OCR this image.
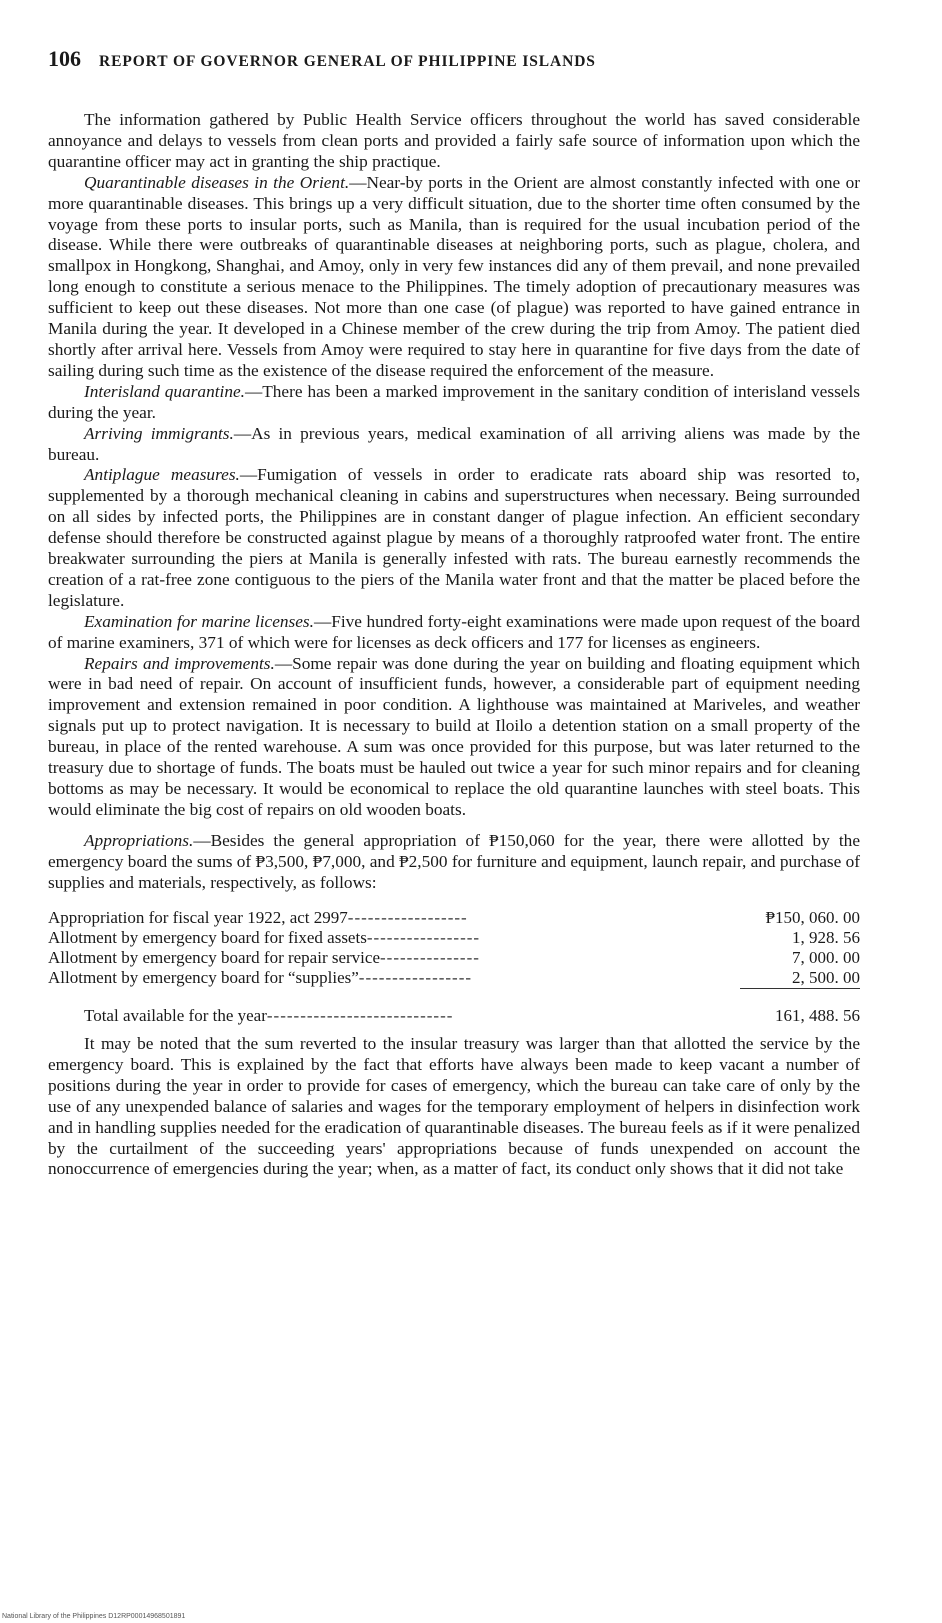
106 REPORT OF GOVERNOR GENERAL OF PHILIPPINE ISLANDS

The information gathered by Public Health Service officers throughout the world has saved considerable annoyance and delays to vessels from clean ports and provided a fairly safe source of information upon which the quarantine officer may act in granting the ship practique.

Quarantinable diseases in the Orient.—Near-by ports in the Orient are almost constantly infected with one or more quarantinable diseases. This brings up a very difficult situation, due to the shorter time often consumed by the voyage from these ports to insular ports, such as Manila, than is required for the usual incubation period of the disease. While there were outbreaks of quarantinable diseases at neighboring ports, such as plague, cholera, and smallpox in Hongkong, Shanghai, and Amoy, only in very few instances did any of them prevail, and none prevailed long enough to constitute a serious menace to the Philippines. The timely adoption of precautionary measures was sufficient to keep out these diseases. Not more than one case (of plague) was reported to have gained entrance in Manila during the year. It developed in a Chinese member of the crew during the trip from Amoy. The patient died shortly after arrival here. Vessels from Amoy were required to stay here in quarantine for five days from the date of sailing during such time as the existence of the disease required the enforcement of the measure.

Interisland quarantine.—There has been a marked improvement in the sanitary condition of interisland vessels during the year.

Arriving immigrants.—As in previous years, medical examination of all arriving aliens was made by the bureau.

Antiplague measures.—Fumigation of vessels in order to eradicate rats aboard ship was resorted to, supplemented by a thorough mechanical cleaning in cabins and superstructures when necessary. Being surrounded on all sides by infected ports, the Philippines are in constant danger of plague infection. An efficient secondary defense should therefore be constructed against plague by means of a thoroughly ratproofed water front. The entire breakwater surrounding the piers at Manila is generally infested with rats. The bureau earnestly recommends the creation of a rat-free zone contiguous to the piers of the Manila water front and that the matter be placed before the legislature.

Examination for marine licenses.—Five hundred forty-eight examinations were made upon request of the board of marine examiners, 371 of which were for licenses as deck officers and 177 for licenses as engineers.

Repairs and improvements.—Some repair was done during the year on building and floating equipment which were in bad need of repair. On account of insufficient funds, however, a considerable part of equipment needing improvement and extension remained in poor condition. A lighthouse was maintained at Mariveles, and weather signals put up to protect navigation. It is necessary to build at Iloilo a detention station on a small property of the bureau, in place of the rented warehouse. A sum was once provided for this purpose, but was later returned to the treasury due to shortage of funds. The boats must be hauled out twice a year for such minor repairs and for cleaning bottoms as may be necessary. It would be economical to replace the old quarantine launches with steel boats. This would eliminate the big cost of repairs on old wooden boats.

Appropriations.—Besides the general appropriation of ₱150,060 for the year, there were allotted by the emergency board the sums of ₱3,500, ₱7,000, and ₱2,500 for furniture and equipment, launch repair, and purchase of supplies and materials, respectively, as follows:

Appropriation for fiscal year 1922, act 2997------------------	₱150, 060. 00
Allotment by emergency board for fixed assets-----------------	1, 928. 56
Allotment by emergency board for repair service---------------	7, 000. 00
Allotment by emergency board for “supplies”-----------------	2, 500. 00
Total available for the year----------------------------	161, 488. 56

It may be noted that the sum reverted to the insular treasury was larger than that allotted the service by the emergency board. This is explained by the fact that efforts have always been made to keep vacant a number of positions during the year in order to provide for cases of emergency, which the bureau can take care of only by the use of any unexpended balance of salaries and wages for the temporary employment of helpers in disinfection work and in handling supplies needed for the eradication of quarantinable diseases. The bureau feels as if it were penalized by the curtailment of the succeeding years' appropriations because of funds unexpended on account the nonoccurrence of emergencies during the year; when, as a matter of fact, its conduct only shows that it did not take

National Library of the Philippines D12RP00014968501891
